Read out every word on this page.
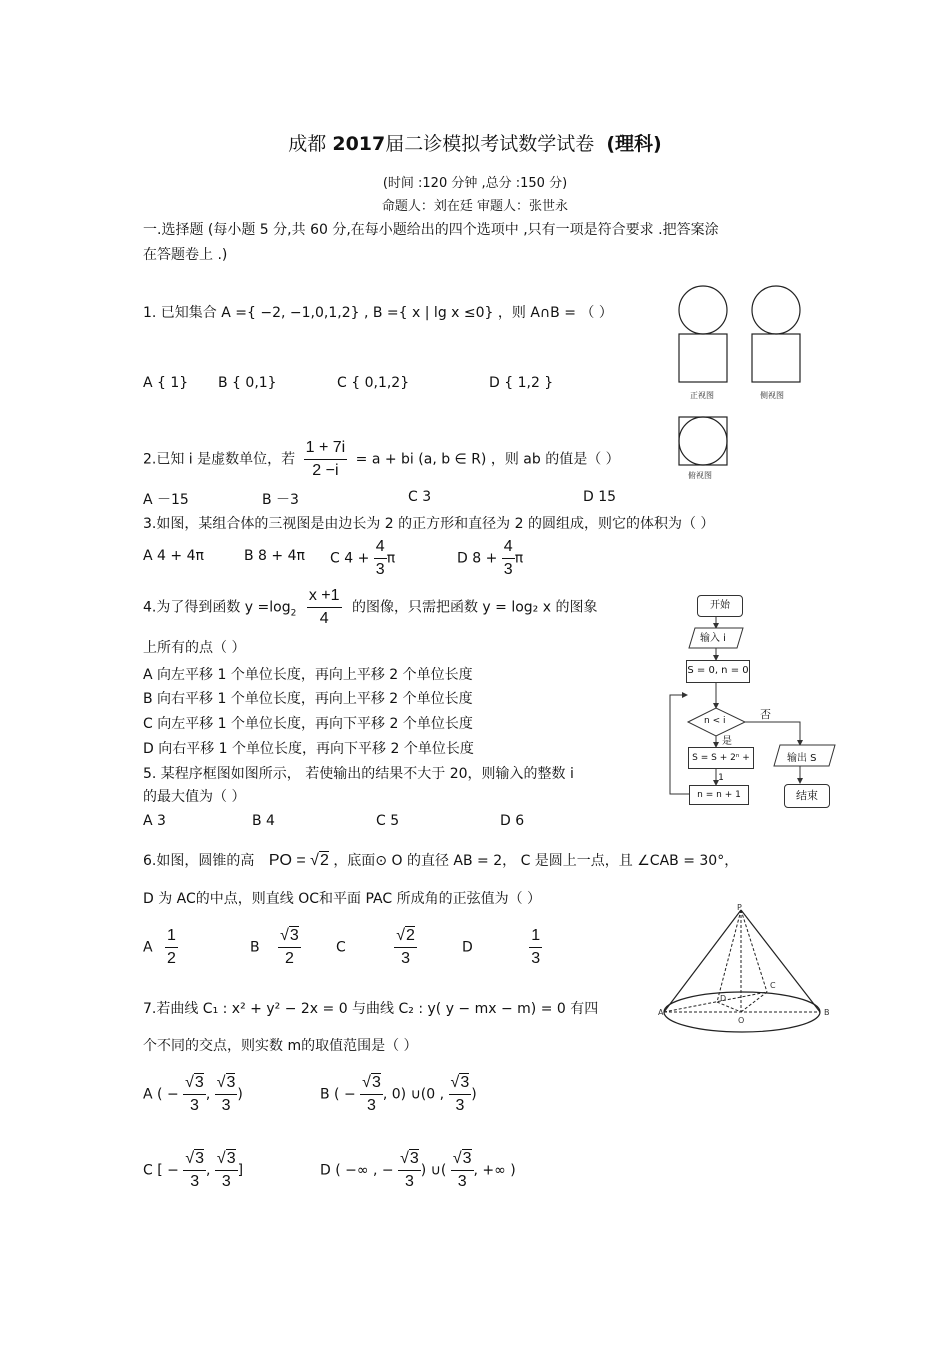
成都 2017届二诊模拟考试数学试卷 (理科)
(时间 :120 分钟 ,总分 :150 分)
命题人：刘在廷 审题人：张世永
一.选择题 (每小题 5 分,共 60 分,在每小题给出的四个选项中 ,只有一项是符合要求 .把答案涂
在答题卷上 .)
1. 已知集合 A ={ −2, −1,0,1,2} , B ={ x | lg x ≤0} ，则 A∩B = （ ）
A { 1} B { 0,1}	C { 0,1,2}	D { 1,2 }
正视图	侧视图
俯视图
2.已知 i 是虚数单位，若 $\frac{1 + 7i}{2 -i} = a$ + bi (a, b ∈ R) ，则 ab 的值是（ ）
A －15	B －3	C 3	D 15
3.如图，某组合体的三视图是由边长为 2 的正方形和直径为 2 的圆组成，则它的体积为（ ）
A 4 + 4π	B 8 + 4π C $4 + \frac{4}{3}$ π	D $8 + \frac{4}{3}$ π
4.为了得到函数 $y =\log_2 \frac{x +1}{4}$ 的图像，只需把函数 y = log₂ x 的图象
上所有的点（ ）
A 向左平移 1 个单位长度，再向上平移 2 个单位长度
B 向右平移 1 个单位长度，再向上平移 2 个单位长度
C 向左平移 1 个单位长度，再向下平移 2 个单位长度
D 向右平移 1 个单位长度，再向下平移 2 个单位长度
开始
输入 i
S = 0, n = 0
n < i	否
是
S = S + 2ⁿ + 1
n = n + 1
输出 S
结束
5. 某程序框图如图所示， 若使输出的结果不大于 20，则输入的整数 i
的最大值为（ ）
A 3	B 4	C 5	D 6
6.如图，圆锥的高 PO = √2 ，底面⊙ O 的直径 AB = 2， C 是圆上一点，且 ∠CAB = 30°，
D 为 AC的中点，则直线 OC和平面 PAC 所成角的正弦值为（ ）
A $\frac{1}{2}$	B $\frac{√3}{2}$	C	$\frac{√2}{3}$	D	$\frac{1}{3}$
P
A	B
C
D
O
7.若曲线 C₁ : x² + y² − 2x = 0 与曲线 C₂ : y( y − mx − m) = 0 有四
个不同的交点，则实数 m的取值范围是（ ）
A ( − $\frac{√3}{3}$ , $\frac{√3}{3}$ )	B ( − $\frac{√3}{3}$ , 0) ∪(0 , $\frac{√3}{3}$ )
C [ − $\frac{√3}{3}$ , $\frac{√3}{3}$ ]	D ( −∞ , − $\frac{√3}{3}$ ) ∪( $\frac{√3}{3}$ , +∞ )
